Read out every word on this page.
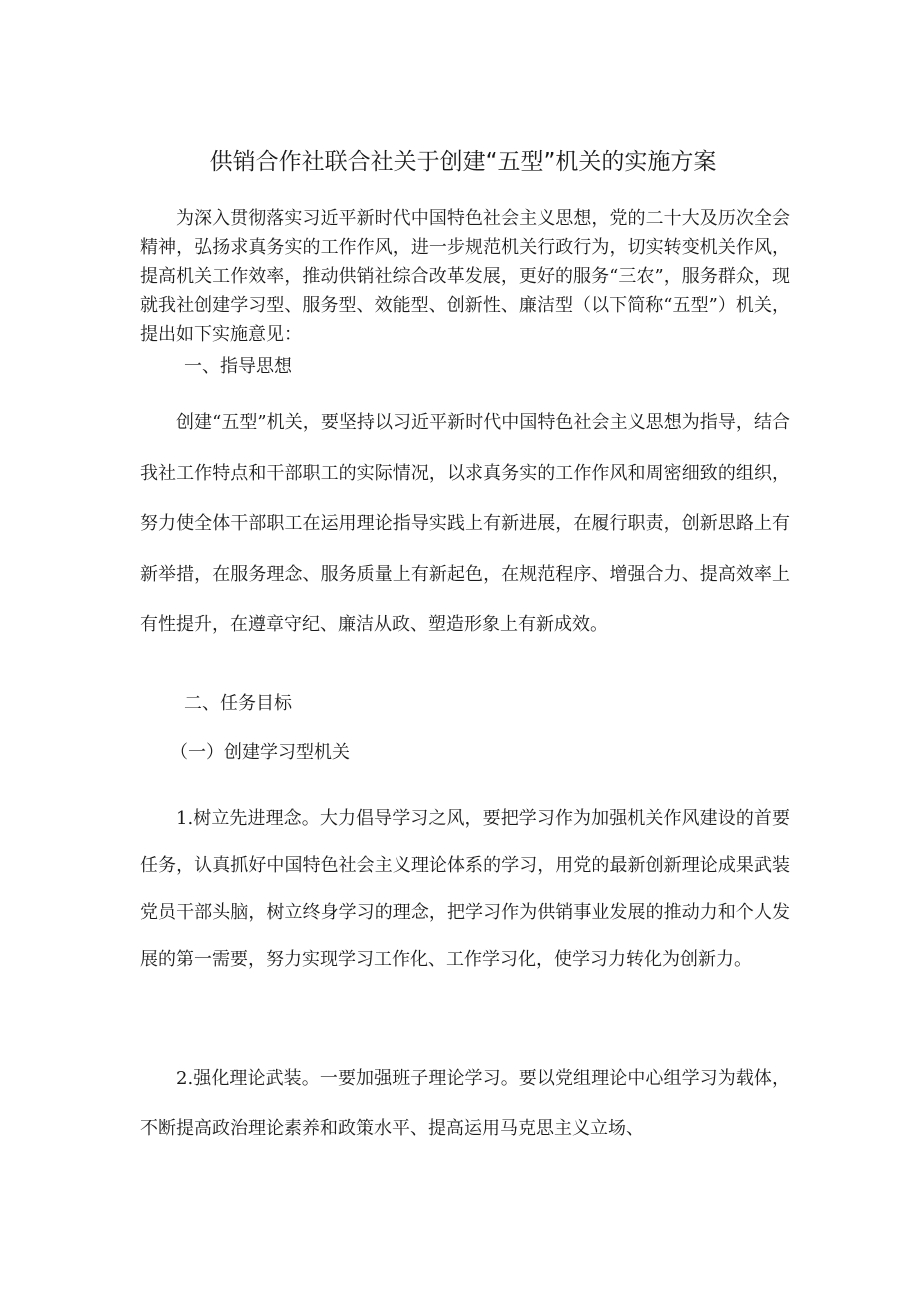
供销合作社联合社关于创建“五型”机关的实施方案

为深入贯彻落实习近平新时代中国特色社会主义思想，党的二十大及历次全会精神，弘扬求真务实的工作作风，进一步规范机关行政行为，切实转变机关作风，提高机关工作效率，推动供销社综合改革发展，更好的服务“三农”，服务群众，现就我社创建学习型、服务型、效能型、创新性、廉洁型（以下简称“五型”）机关，提出如下实施意见：

一、指导思想

创建“五型”机关，要坚持以习近平新时代中国特色社会主义思想为指导，结合我社工作特点和干部职工的实际情况，以求真务实的工作作风和周密细致的组织，努力使全体干部职工在运用理论指导实践上有新进展，在履行职责，创新思路上有新举措，在服务理念、服务质量上有新起色，在规范程序、增强合力、提高效率上有性提升，在遵章守纪、廉洁从政、塑造形象上有新成效。

二、任务目标
（一）创建学习型机关

1.树立先进理念。大力倡导学习之风，要把学习作为加强机关作风建设的首要任务，认真抓好中国特色社会主义理论体系的学习，用党的最新创新理论成果武装党员干部头脑，树立终身学习的理念，把学习作为供销事业发展的推动力和个人发展的第一需要，努力实现学习工作化、工作学习化，使学习力转化为创新力。

2.强化理论武装。一要加强班子理论学习。要以党组理论中心组学习为载体，不断提高政治理论素养和政策水平、提高运用马克思主义立场、
